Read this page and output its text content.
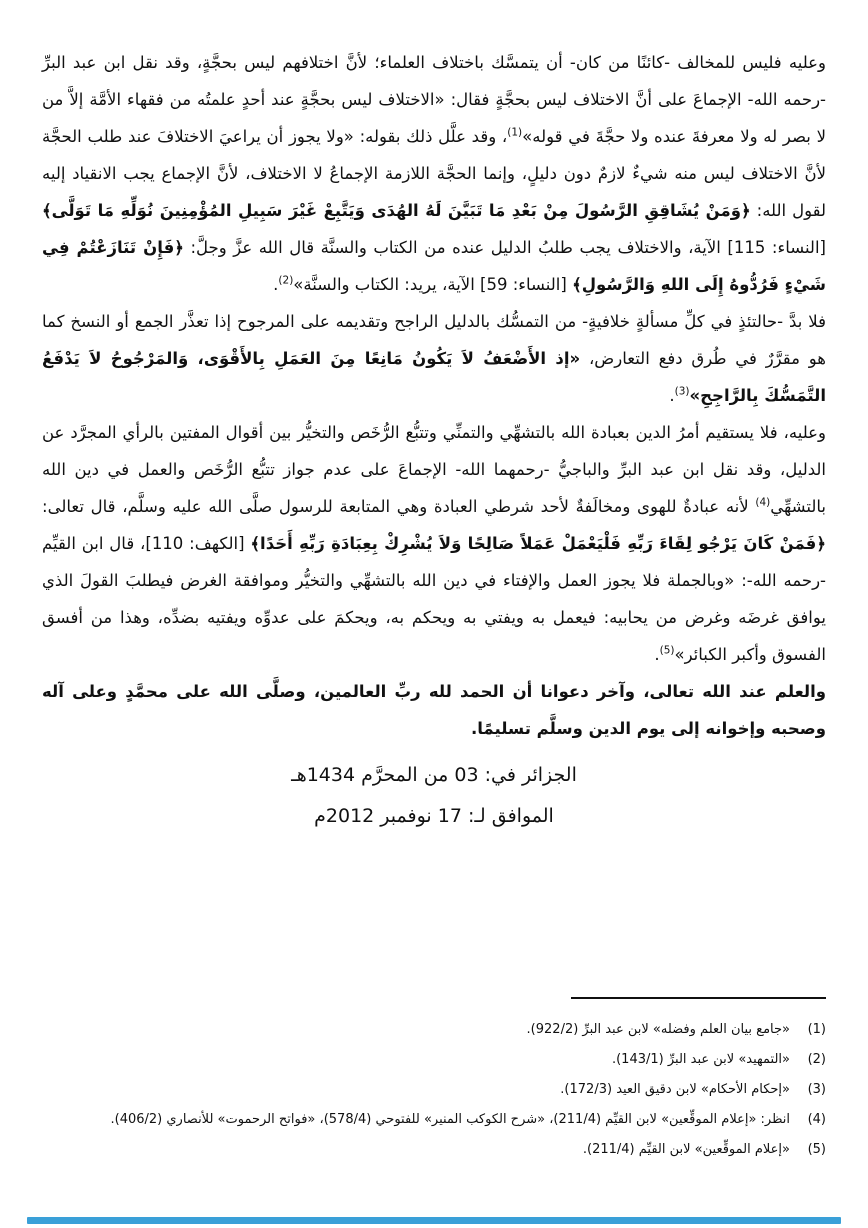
وعليه فليس للمخالف -كائنًا من كان- أن يتمسَّك باختلاف العلماء؛ لأنَّ اختلافهم ليس بحجَّةٍ، وقد نقل ابن عبد البرِّ -رحمه الله- الإجماعَ على أنَّ الاختلاف ليس بحجَّةٍ فقال: «الاختلاف ليس بحجَّةٍ عند أحدٍ علمتُه من فقهاء الأمَّة إلاَّ من لا بصر له ولا معرفةَ عنده ولا حجَّةَ في قوله»$^{(1)}$، وقد علَّل ذلك بقوله: «ولا يجوز أن يراعيَ الاختلافَ عند طلب الحجَّة لأنَّ الاختلاف ليس منه شيءٌ لازمٌ دون دليلٍ، وإنما الحجَّة اللازمة الإجماعُ لا الاختلاف، لأنَّ الإجماع يجب الانقياد إليه لقول الله: ﴿وَمَنْ يُشَاقِقِ الرَّسُولَ مِنْ بَعْدِ مَا تَبَيَّنَ لَهُ الهُدَى وَيَتَّبِعْ غَيْرَ سَبِيلِ المُؤْمِنِينَ نُوَلِّهِ مَا تَوَلَّى﴾ [النساء: 115] الآية، والاختلاف يجب طلبُ الدليل عنده من الكتاب والسنَّة قال الله عزَّ وجلَّ: ﴿فَإِنْ تَنَازَعْتُمْ فِي شَيْءٍ فَرُدُّوهُ إِلَى اللهِ وَالرَّسُولِ﴾ [النساء: 59] الآية، يريد: الكتاب والسنَّة»$^{(2)}$.

فلا بدَّ -حالتئذٍ في كلِّ مسألةٍ خلافيةٍ- من التمسُّك بالدليل الراجح وتقديمه على المرجوح إذا تعذَّر الجمع أو النسخ كما هو مقرَّرٌ في طُرق دفع التعارض، «إذ الأَضْعَفُ لاَ يَكُونُ مَانِعًا مِنَ العَمَلِ بِالأَقْوَى، وَالمَرْجُوحُ لاَ يَدْفَعُ التَّمَسُّكَ بِالرَّاجِحِ»$^{(3)}$.

وعليه، فلا يستقيم أمرُ الدين بعبادة الله بالتشهِّي والتمنِّي وتتبُّع الرُّخَص والتخيُّر بين أقوال المفتين بالرأي المجرَّد عن الدليل، وقد نقل ابن عبد البرِّ والباجيُّ -رحمهما الله- الإجماعَ على عدم جواز تتبُّع الرُّخَص والعمل في دين الله بالتشهِّي$^{(4)}$ لأنه عبادةٌ للهوى ومخالَفةٌ لأحد شرطي العبادة وهي المتابعة للرسول صلَّى الله عليه وسلَّم، قال تعالى: ﴿فَمَنْ كَانَ يَرْجُو لِقَاءَ رَبِّهِ فَلْيَعْمَلْ عَمَلاً صَالِحًا وَلاَ يُشْرِكْ بِعِبَادَةِ رَبِّهِ أَحَدًا﴾ [الكهف: 110]، قال ابن القيِّم -رحمه الله-: «وبالجملة فلا يجوز العمل والإفتاء في دين الله بالتشهِّي والتخيُّر وموافقة الغرض فيطلبَ القولَ الذي يوافق غرضَه وغرض من يحابيه: فيعمل به ويفتي به ويحكم به، ويحكمَ على عدوِّه ويفتيه بضدِّه، وهذا من أفسق الفسوق وأكبر الكبائر»$^{(5)}$.

والعلم عند الله تعالى، وآخر دعوانا أن الحمد لله ربِّ العالمين، وصلَّى الله على محمَّدٍ وعلى آله وصحبه وإخوانه إلى يوم الدين وسلَّم تسليمًا.

الجزائر في: 03 من المحرَّم 1434هـ

الموافق لـ: 17 نوفمبر 2012م

(1)
«جامع بيان العلم وفضله» لابن عبد البرِّ (922/2).
(2)
«التمهيد» لابن عبد البرِّ (143/1).
(3)
«إحكام الأحكام» لابن دقيق العيد (172/3).
(4)
انظر: «إعلام الموقِّعين» لابن القيِّم (211/4)، «شرح الكوكب المنير» للفتوحي (578/4)، «فواتح الرحموت» للأنصاري (406/2).
(5)
«إعلام الموقِّعين» لابن القيِّم (211/4).
